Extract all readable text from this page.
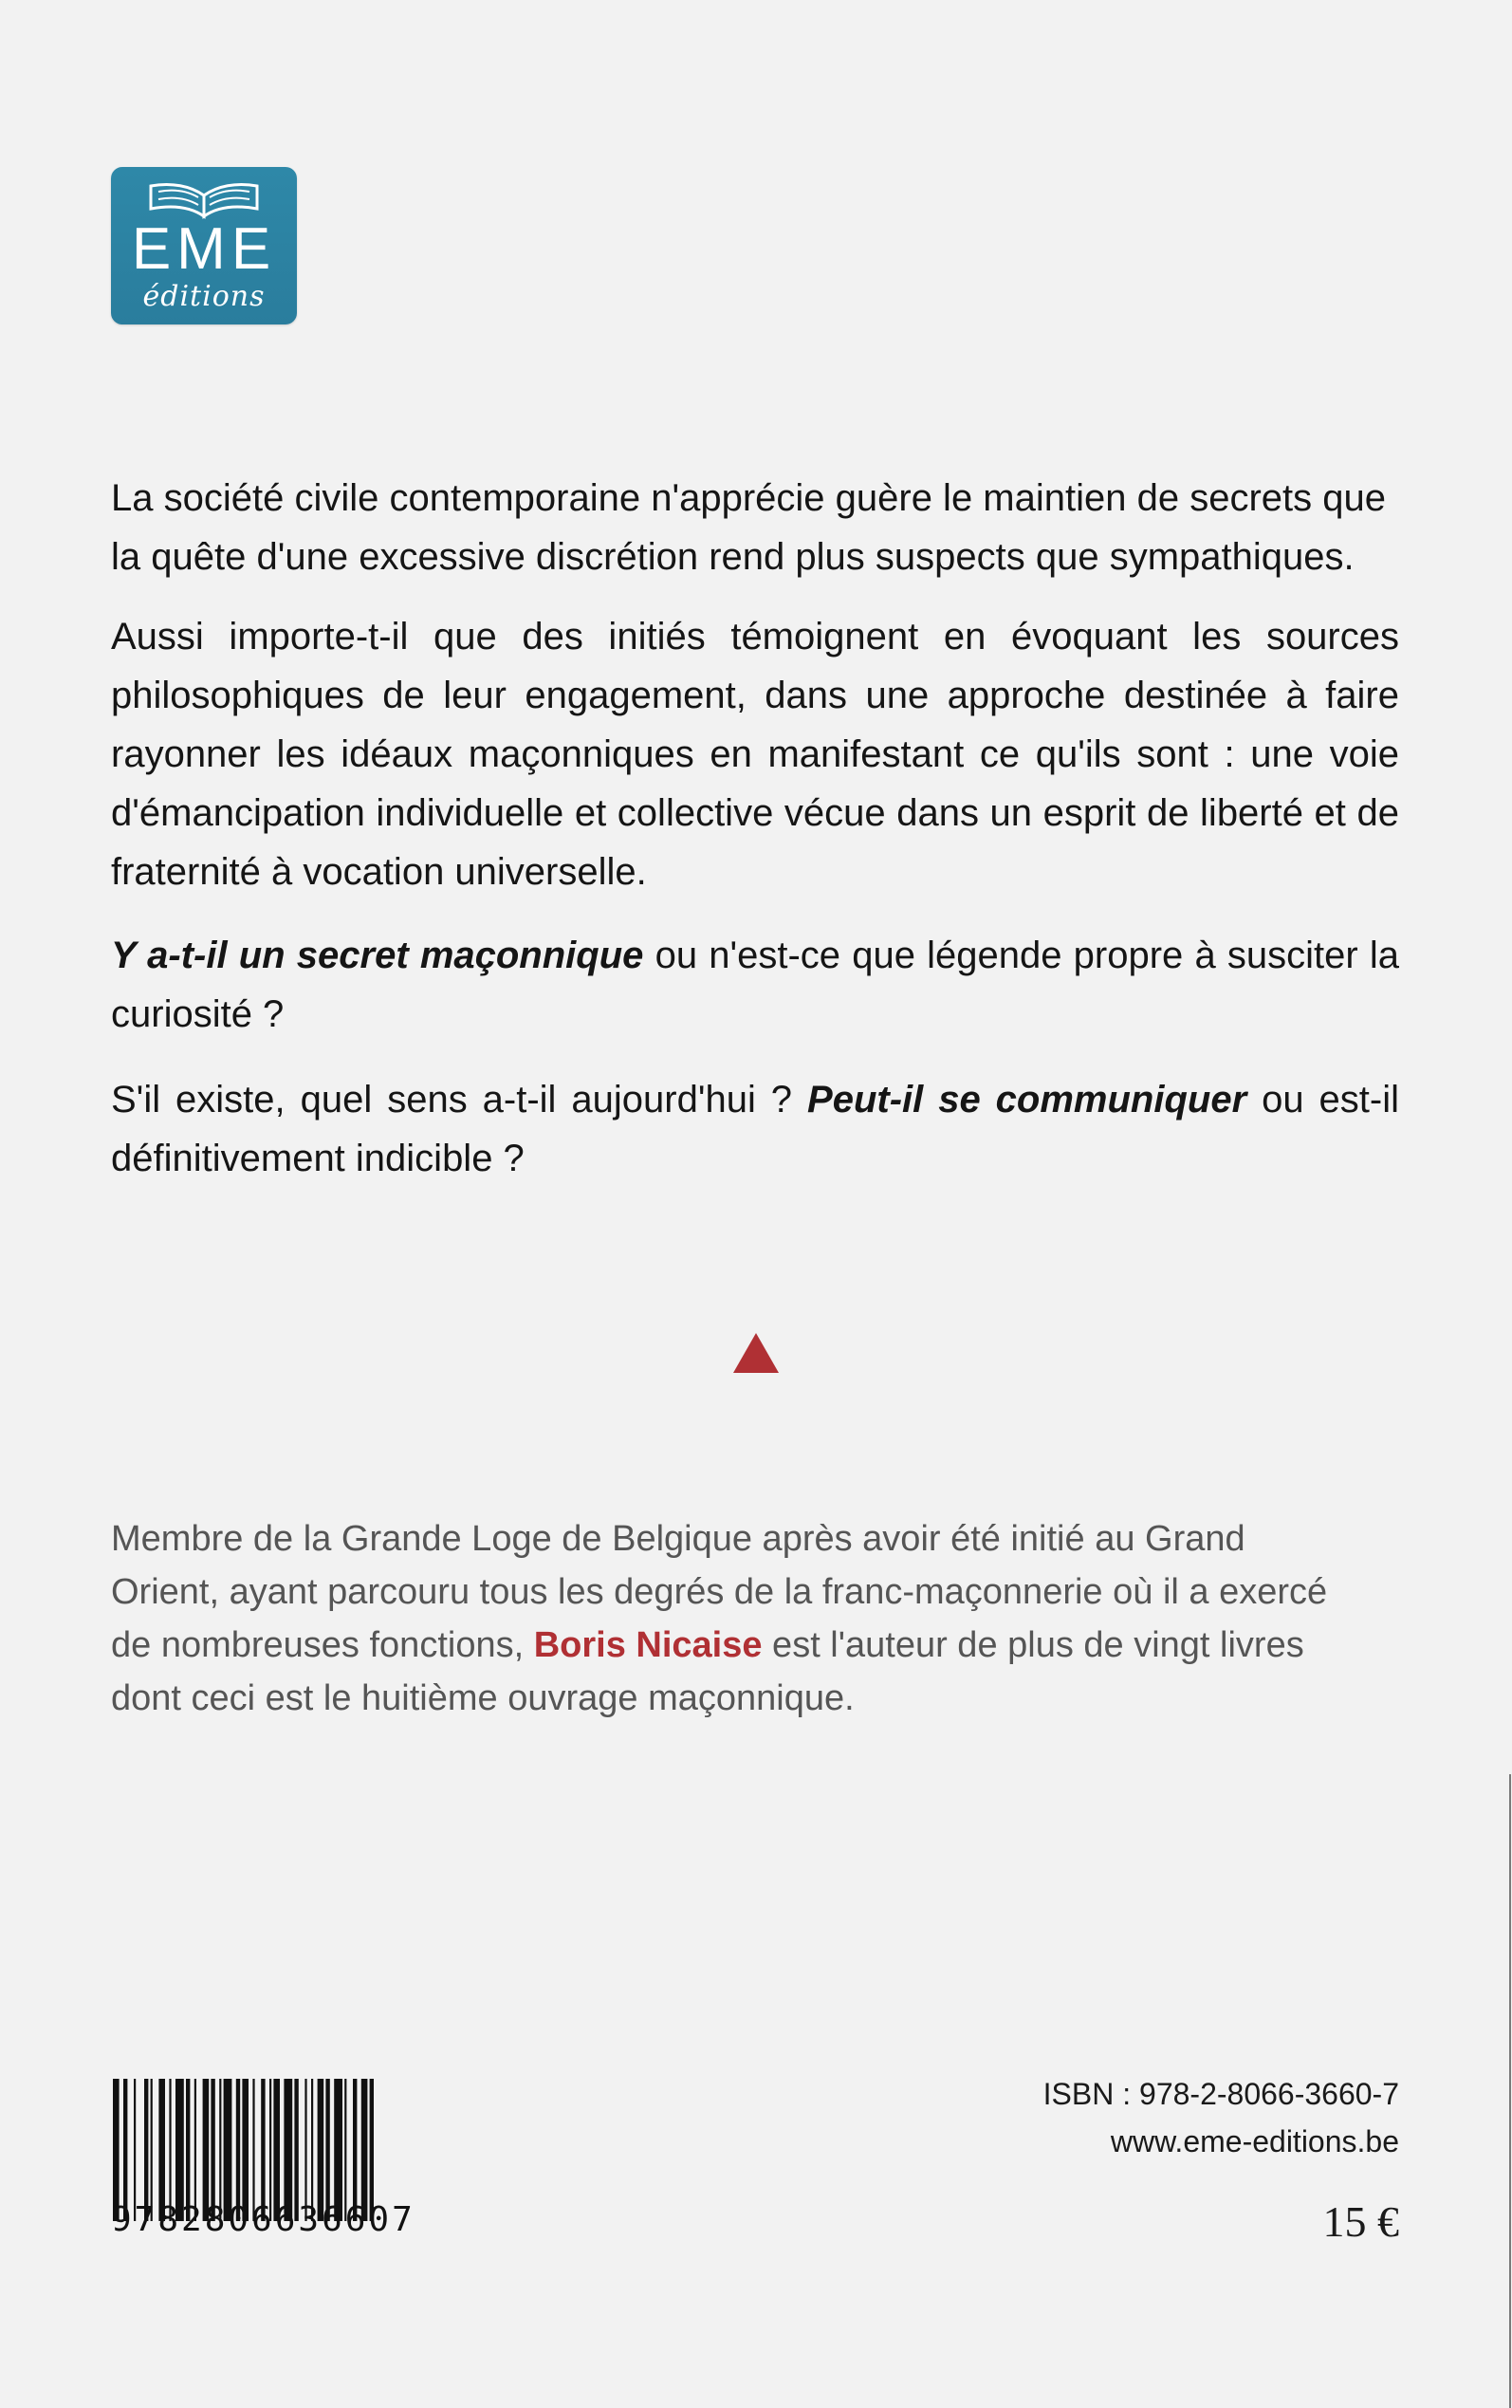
EME
éditions

La société civile contemporaine n'apprécie guère le maintien de secrets que la quête d'une excessive discrétion rend plus suspects que sympathiques.

Aussi importe-t-il que des initiés témoignent en évoquant les sources philosophiques de leur engagement, dans une approche destinée à faire rayonner les idéaux maçonniques en manifestant ce qu'ils sont : une voie d'émancipation individuelle et collective vécue dans un esprit de liberté et de fraternité à vocation universelle.

Y a-t-il un secret maçonnique ou n'est-ce que légende propre à susciter la curiosité ?

S'il existe, quel sens a-t-il aujourd'hui ? Peut-il se communiquer ou est-il définitivement indicible ?

Membre de la Grande Loge de Belgique après avoir été initié au Grand Orient, ayant parcouru tous les degrés de la franc-maçonnerie où il a exercé de nombreuses fonctions, Boris Nicaise est l'auteur de plus de vingt livres dont ceci est le huitième ouvrage maçonnique.
9782806636607
ISBN : 978-2-8066-3660-7
www.eme-editions.be
15 €
